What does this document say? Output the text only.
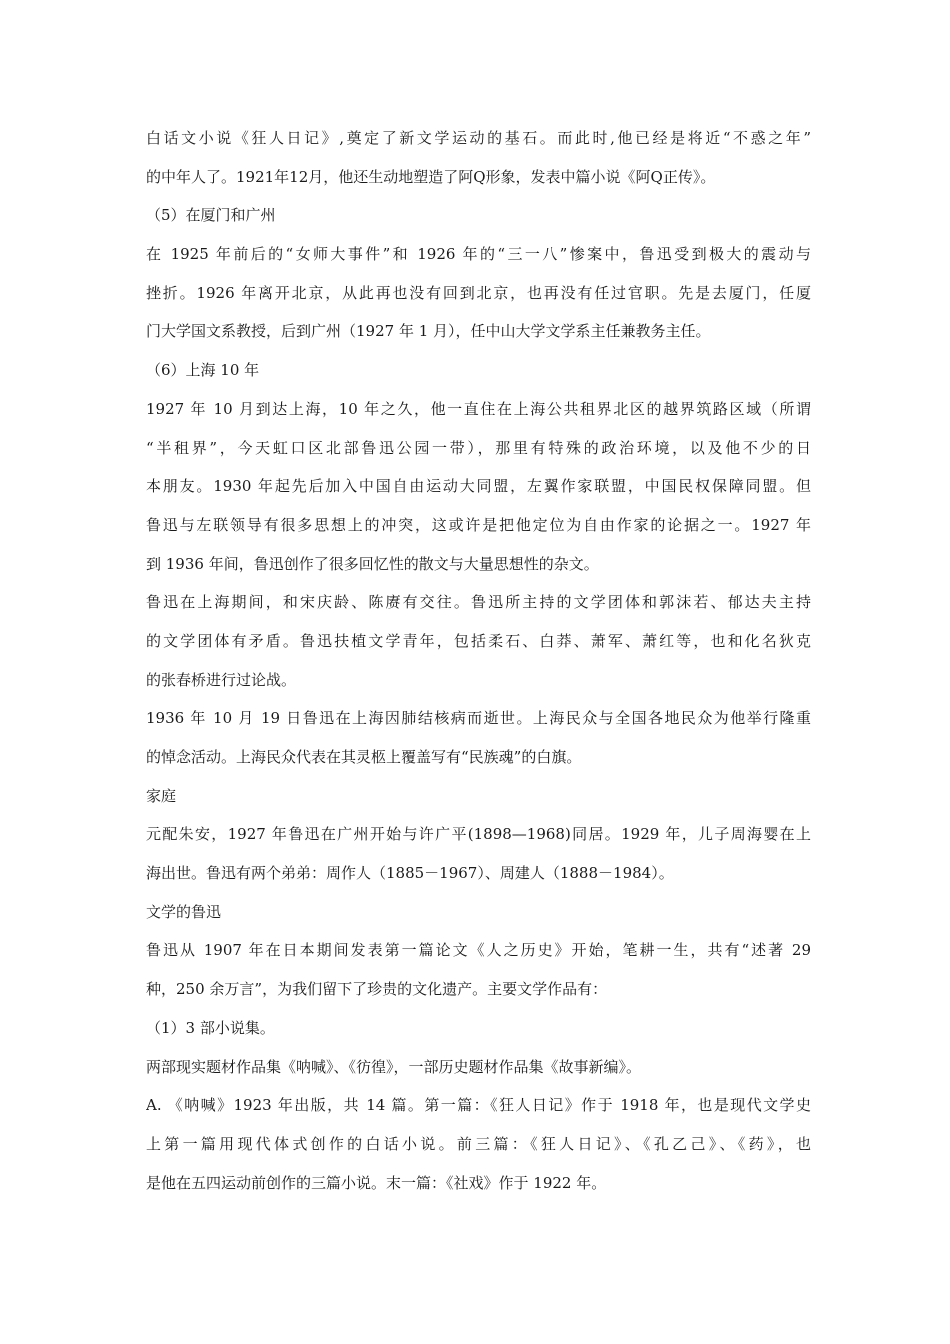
白话文小说《狂人日记》,奠定了新文学运动的基石。而此时,他已经是将近“不惑之年”
的中年人了。1921年12月，他还生动地塑造了阿Q形象，发表中篇小说《阿Q正传》。
（5）在厦门和广州
在 1925 年前后的“女师大事件”和 1926 年的“三一八”惨案中，鲁迅受到极大的震动与
挫折。1926 年离开北京，从此再也没有回到北京，也再没有任过官职。先是去厦门，任厦
门大学国文系教授，后到广州（1927 年 1 月），任中山大学文学系主任兼教务主任。
（6）上海 10 年
1927 年 10 月到达上海，10 年之久，他一直住在上海公共租界北区的越界筑路区域（所谓
“半租界”，今天虹口区北部鲁迅公园一带），那里有特殊的政治环境，以及他不少的日
本朋友。1930 年起先后加入中国自由运动大同盟，左翼作家联盟，中国民权保障同盟。但
鲁迅与左联领导有很多思想上的冲突，这或许是把他定位为自由作家的论据之一。1927 年
到 1936 年间，鲁迅创作了很多回忆性的散文与大量思想性的杂文。
鲁迅在上海期间，和宋庆龄、陈赓有交往。鲁迅所主持的文学团体和郭沫若、郁达夫主持
的文学团体有矛盾。鲁迅扶植文学青年，包括柔石、白莽、萧军、萧红等，也和化名狄克
的张春桥进行过论战。
1936 年 10 月 19 日鲁迅在上海因肺结核病而逝世。上海民众与全国各地民众为他举行隆重
的悼念活动。上海民众代表在其灵柩上覆盖写有“民族魂”的白旗。
家庭
元配朱安，1927 年鲁迅在广州开始与许广平(1898—1968)同居。1929 年，儿子周海婴在上
海出世。鲁迅有两个弟弟：周作人（1885－1967）、周建人（1888－1984）。
文学的鲁迅
鲁迅从 1907 年在日本期间发表第一篇论文《人之历史》开始，笔耕一生，共有“述著 29
种，250 余万言”，为我们留下了珍贵的文化遗产。主要文学作品有：
（1）3 部小说集。
两部现实题材作品集《呐喊》、《彷徨》，一部历史题材作品集《故事新编》。
A. 《呐喊》1923 年出版，共 14 篇。第一篇：《狂人日记》作于 1918 年，也是现代文学史
上第一篇用现代体式创作的白话小说。前三篇：《狂人日记》、《孔乙己》、《药》，也
是他在五四运动前创作的三篇小说。末一篇：《社戏》作于 1922 年。
